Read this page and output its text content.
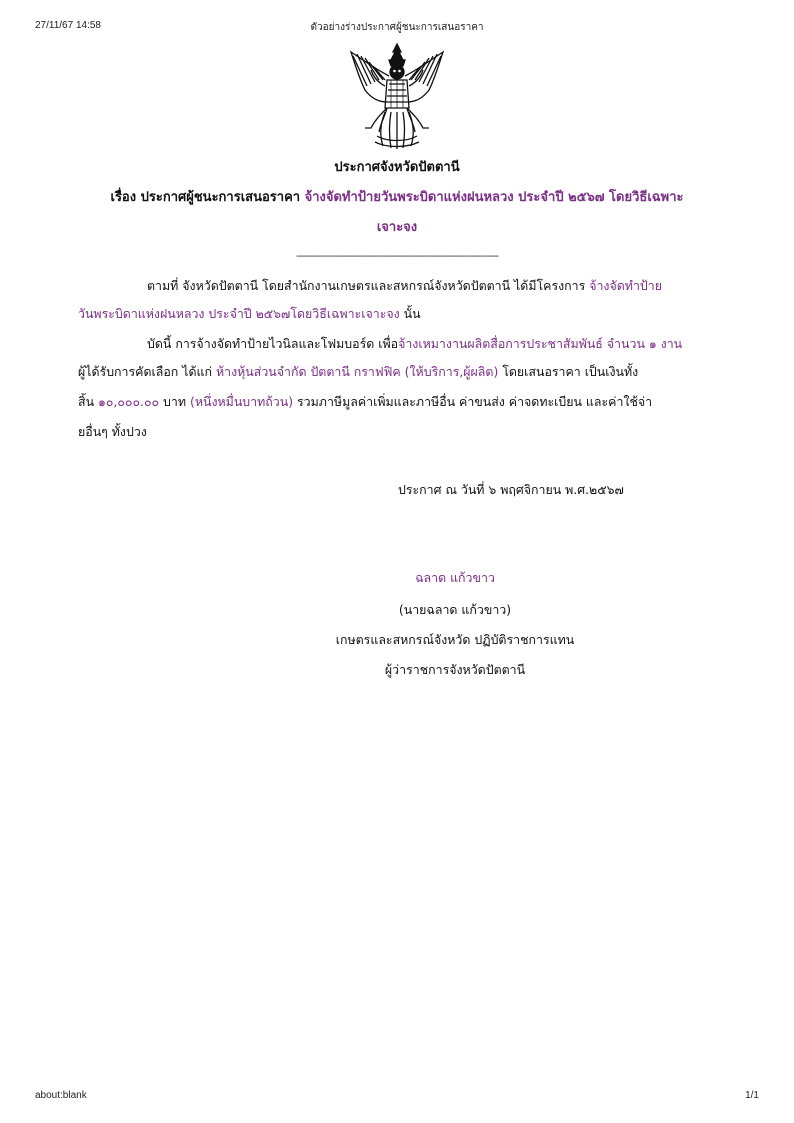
27/11/67 14:58	ตัวอย่างร่างประกาศผู้ชนะการเสนอราคา
ประกาศจังหวัดปัตตานี
เรื่อง ประกาศผู้ชนะการเสนอราคา จ้างจัดทำป้ายวันพระบิดาแห่งฝนหลวง ประจำปี ๒๕๖๗ โดยวิธีเฉพาะ
เจาะจง
--------------------------------------------------------------------
ตามที่ จังหวัดปัตตานี โดยสำนักงานเกษตรและสหกรณ์จังหวัดปัตตานี ได้มีโครงการ จ้างจัดทำป้าย
วันพระบิดาแห่งฝนหลวง ประจำปี ๒๕๖๗โดยวิธีเฉพาะเจาะจง นั้น
บัดนี้ การจ้างจัดทำป้ายไวนิลและโฟมบอร์ด เพื่อจ้างเหมางานผลิตสื่อการประชาสัมพันธ์ จำนวน ๑ งาน
ผู้ได้รับการคัดเลือก ได้แก่ ห้างหุ้นส่วนจำกัด ปัตตานี กราฟฟิค (ให้บริการ,ผู้ผลิต) โดยเสนอราคา เป็นเงินทั้ง
สิ้น ๑๐,๐๐๐.๐๐ บาท (หนึ่งหมื่นบาทถ้วน) รวมภาษีมูลค่าเพิ่มและภาษีอื่น ค่าขนส่ง ค่าจดทะเบียน และค่าใช้จ่า
ยอื่นๆ ทั้งปวง
ประกาศ ณ วันที่ ๖ พฤศจิกายน พ.ศ.๒๕๖๗
ฉลาด แก้วขาว
(นายฉลาด แก้วขาว)
เกษตรและสหกรณ์จังหวัด ปฏิบัติราชการแทน
ผู้ว่าราชการจังหวัดปัตตานี
about:blank	1/1
